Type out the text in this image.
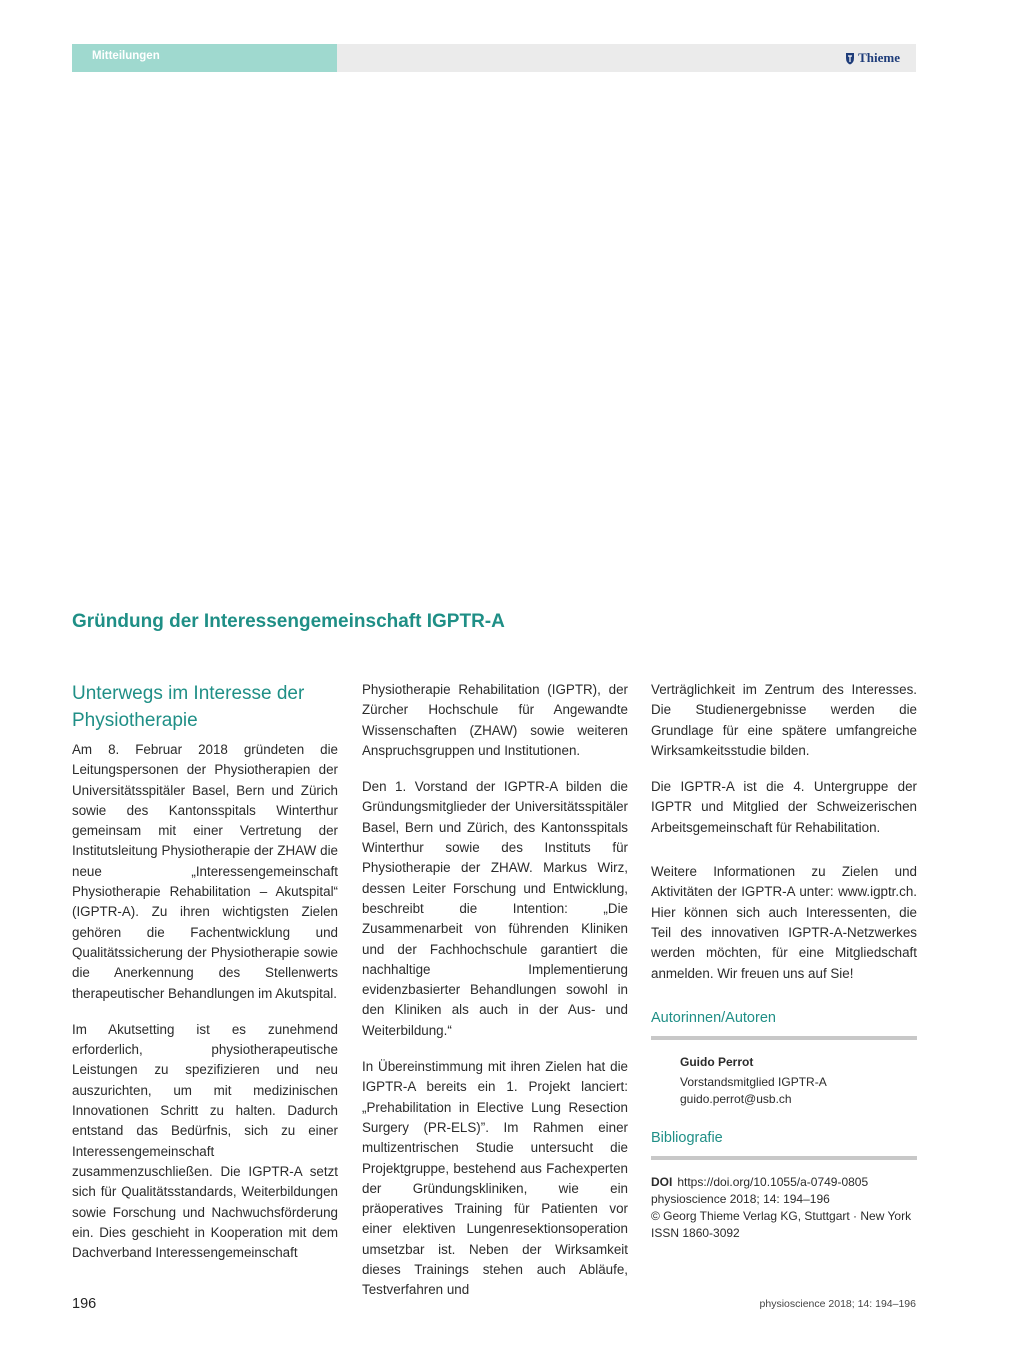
Mitteilungen	Thieme
Gründung der Interessengemeinschaft IGPTR-A
Unterwegs im Interesse der Physiotherapie

Am 8. Februar 2018 gründeten die Leitungspersonen der Physiotherapien der Universitätsspitäler Basel, Bern und Zürich sowie des Kantonsspitals Winterthur gemeinsam mit einer Vertretung der Institutsleitung Physiotherapie der ZHAW die neue „Interessengemeinschaft Physiotherapie Rehabilitation – Akutspital“ (IGPTR-A). Zu ihren wichtigsten Zielen gehören die Fachentwicklung und Qualitätssicherung der Physiotherapie sowie die Anerkennung des Stellenwerts therapeutischer Behandlungen im Akutspital.

Im Akutsetting ist es zunehmend erforderlich, physiotherapeutische Leistungen zu spezifizieren und neu auszurichten, um mit medizinischen Innovationen Schritt zu halten. Dadurch entstand das Bedürfnis, sich zu einer Interessengemeinschaft zusammenzuschließen. Die IGPTR-A setzt sich für Qualitätsstandards, Weiterbildungen sowie Forschung und Nachwuchsförderung ein. Dies geschieht in Kooperation mit dem Dachverband Interessengemeinschaft

Physiotherapie Rehabilitation (IGPTR), der Zürcher Hochschule für Angewandte Wissenschaften (ZHAW) sowie weiteren Anspruchsgruppen und Institutionen.

Den 1. Vorstand der IGPTR-A bilden die Gründungsmitglieder der Universitätsspitäler Basel, Bern und Zürich, des Kantonsspitals Winterthur sowie des Instituts für Physiotherapie der ZHAW. Markus Wirz, dessen Leiter Forschung und Entwicklung, beschreibt die Intention: „Die Zusammenarbeit von führenden Kliniken und der Fachhochschule garantiert die nachhaltige Implementierung evidenzbasierter Behandlungen sowohl in den Kliniken als auch in der Aus- und Weiterbildung.“

In Übereinstimmung mit ihren Zielen hat die IGPTR-A bereits ein 1. Projekt lanciert: „Prehabilitation in Elective Lung Resection Surgery (PR-ELS)”. Im Rahmen einer multizentrischen Studie untersucht die Projektgruppe, bestehend aus Fachexperten der Gründungskliniken, wie ein präoperatives Training für Patienten vor einer elektiven Lungenresektionsoperation umsetzbar ist. Neben der Wirksamkeit dieses Trainings stehen auch Abläufe, Testverfahren und

Verträglichkeit im Zentrum des Interesses. Die Studienergebnisse werden die Grundlage für eine spätere umfangreiche Wirksamkeitsstudie bilden.

Die IGPTR-A ist die 4. Untergruppe der IGPTR und Mitglied der Schweizerischen Arbeitsgemeinschaft für Rehabilitation.

Weitere Informationen zu Zielen und Aktivitäten der IGPTR-A unter: www.igptr.ch. Hier können sich auch Interessenten, die Teil des innovativen IGPTR-A-Netzwerkes werden möchten, für eine Mitgliedschaft anmelden. Wir freuen uns auf Sie!

Autorinnen/Autoren
Guido Perrot
Vorstandsmitglied IGPTR-A
guido.perrot@usb.ch
Bibliografie
DOI https://doi.org/10.1055/a-0749-0805
physioscience 2018; 14: 194–196
© Georg Thieme Verlag KG, Stuttgart · New York
ISSN 1860-3092
196	physioscience 2018; 14: 194–196
